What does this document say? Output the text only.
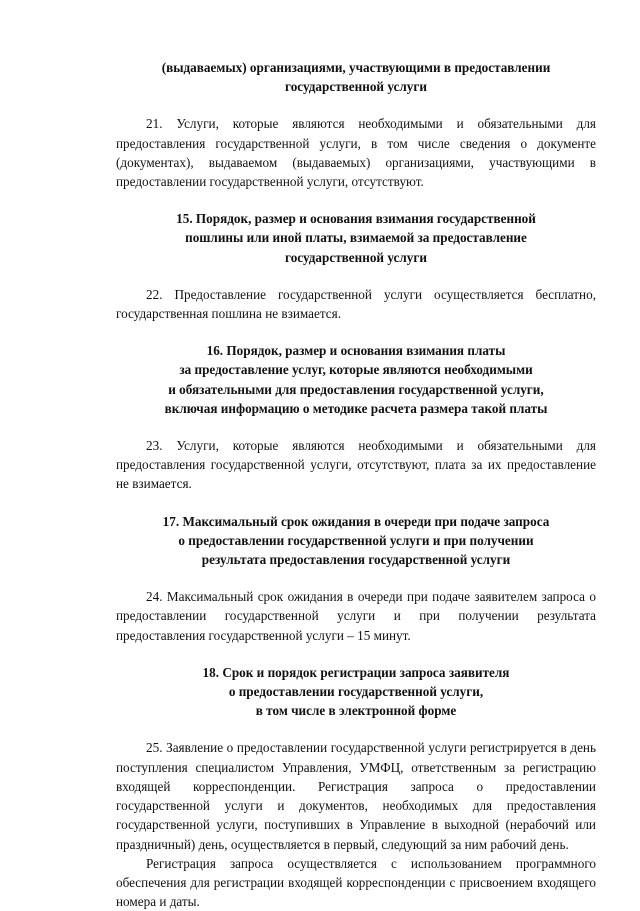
(выдаваемых) организациями, участвующими в предоставлении
государственной услуги

21. Услуги, которые являются необходимыми и обязательными для предоставления государственной услуги, в том числе сведения о документе (документах), выдаваемом (выдаваемых) организациями, участвующими в предоставлении государственной услуги, отсутствуют.

15. Порядок, размер и основания взимания государственной
пошлины или иной платы, взимаемой за предоставление
государственной услуги

22. Предоставление государственной услуги осуществляется бесплатно, государственная пошлина не взимается.

16. Порядок, размер и основания взимания платы
за предоставление услуг, которые являются необходимыми
и обязательными для предоставления государственной услуги,
включая информацию о методике расчета размера такой платы

23. Услуги, которые являются необходимыми и обязательными для предоставления государственной услуги, отсутствуют, плата за их предоставление не взимается.

17. Максимальный срок ожидания в очереди при подаче запроса
о предоставлении государственной услуги и при получении
результата предоставления государственной услуги

24. Максимальный срок ожидания в очереди при подаче заявителем запроса о предоставлении государственной услуги и при получении результата предоставления государственной услуги – 15 минут.

18. Срок и порядок регистрации запроса заявителя
о предоставлении государственной услуги,
в том числе в электронной форме

25. Заявление о предоставлении государственной услуги регистрируется в день поступления специалистом Управления, УМФЦ, ответственным за регистрацию входящей корреспонденции. Регистрация запроса о предоставлении государственной услуги и документов, необходимых для предоставления государственной услуги, поступивших в Управление в выходной (нерабочий или праздничный) день, осуществляется в первый, следующий за ним рабочий день.

Регистрация запроса осуществляется с использованием программного обеспечения для регистрации входящей корреспонденции с присвоением входящего номера и даты.
